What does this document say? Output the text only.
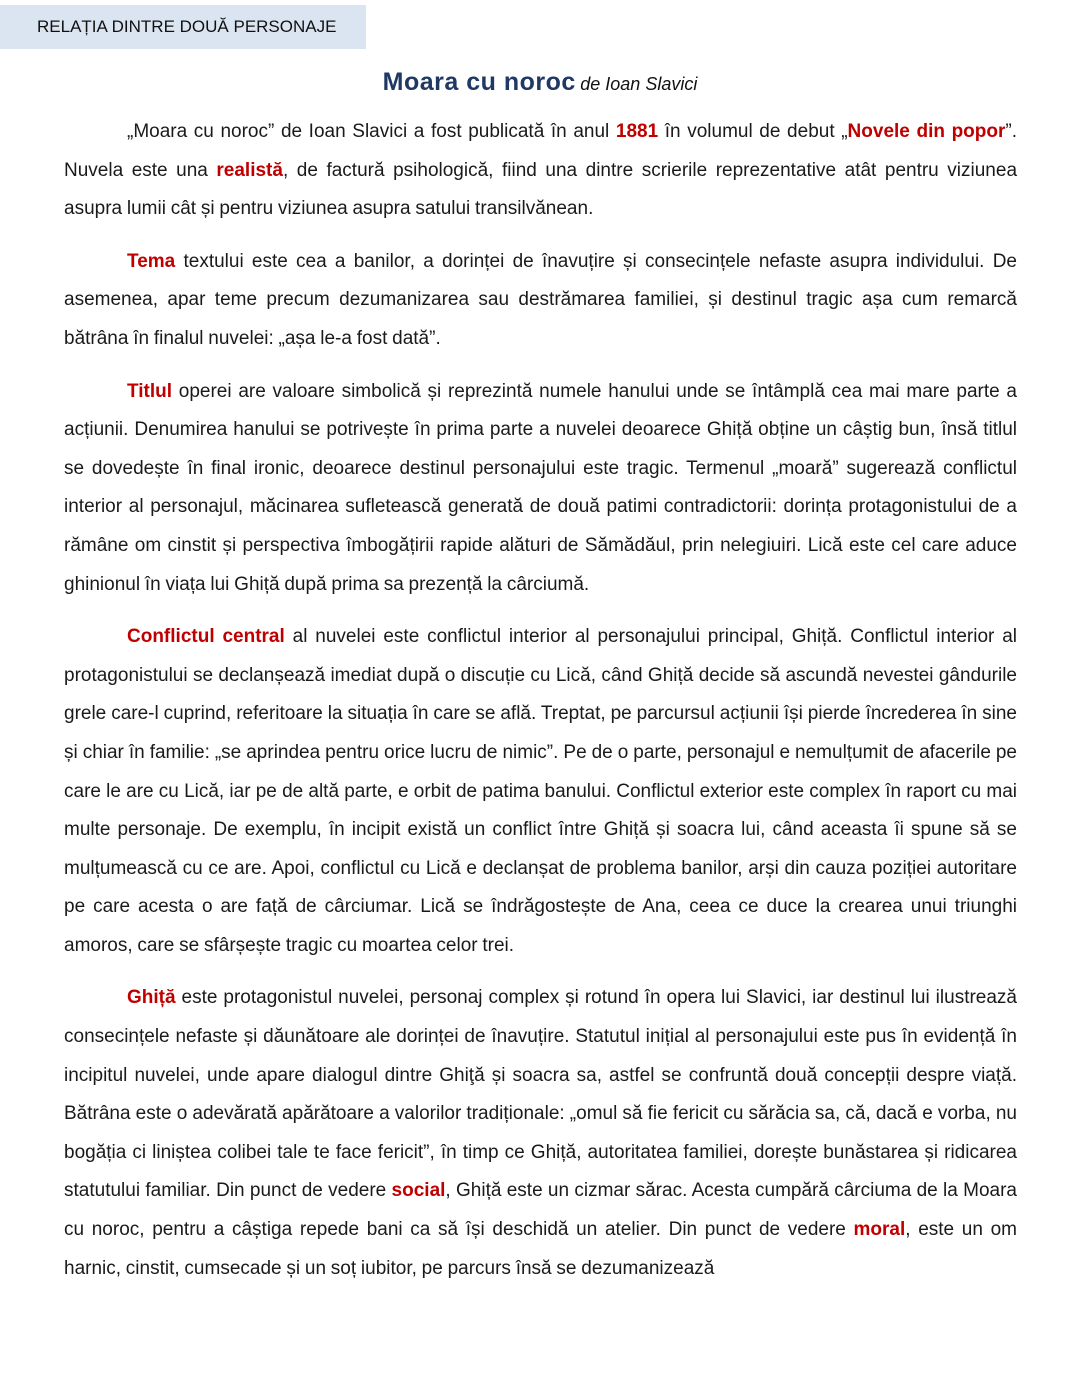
RELAȚIA DINTRE DOUĂ PERSONAJE
Moara cu noroc de Ioan Slavici

„Moara cu noroc” de Ioan Slavici a fost publicată în anul 1881 în volumul de debut „Novele din popor”. Nuvela este una realistă, de factură psihologică, fiind una dintre scrierile reprezentative atât pentru viziunea asupra lumii cât și pentru viziunea asupra satului transilvănean.

Tema textului este cea a banilor, a dorinței de înavuțire și consecințele nefaste asupra individului. De asemenea, apar teme precum dezumanizarea sau destrămarea familiei, și destinul tragic așa cum remarcă bătrâna în finalul nuvelei: „așa le-a fost dată”.

Titlul operei are valoare simbolică și reprezintă numele hanului unde se întâmplă cea mai mare parte a acțiunii. Denumirea hanului se potrivește în prima parte a nuvelei deoarece Ghiță obține un câștig bun, însă titlul se dovedește în final ironic, deoarece destinul personajului este tragic. Termenul „moară” sugerează conflictul interior al personajul, măcinarea sufletească generată de două patimi contradictorii: dorința protagonistului de a rămâne om cinstit și perspectiva îmbogățirii rapide alături de Sămădăul, prin nelegiuiri. Lică este cel care aduce ghinionul în viața lui Ghiță după prima sa prezență la cârciumă.

Conflictul central al nuvelei este conflictul interior al personajului principal, Ghiță. Conflictul interior al protagonistului se declanșează imediat după o discuție cu Lică, când Ghiță decide să ascundă nevestei gândurile grele care-l cuprind, referitoare la situația în care se află. Treptat, pe parcursul acțiunii își pierde încrederea în sine și chiar în familie: „se aprindea pentru orice lucru de nimic”. Pe de o parte, personajul e nemulțumit de afacerile pe care le are cu Lică, iar pe de altă parte, e orbit de patima banului. Conflictul exterior este complex în raport cu mai multe personaje. De exemplu, în incipit există un conflict între Ghiță și soacra lui, când aceasta îi spune să se mulțumească cu ce are. Apoi, conflictul cu Lică e declanșat de problema banilor, arși din cauza poziției autoritare pe care acesta o are față de cârciumar. Lică se îndrăgostește de Ana, ceea ce duce la crearea unui triunghi amoros, care se sfârșește tragic cu moartea celor trei.

Ghiță este protagonistul nuvelei, personaj complex și rotund în opera lui Slavici, iar destinul lui ilustrează consecințele nefaste și dăunătoare ale dorinței de înavuțire. Statutul inițial al personajului este pus în evidență în incipitul nuvelei, unde apare dialogul dintre Ghiţă și soacra sa, astfel se confruntă două concepții despre viață. Bătrâna este o adevărată apărătoare a valorilor tradiționale: „omul să fie fericit cu sărăcia sa, că, dacă e vorba, nu bogăția ci liniștea colibei tale te face fericit”, în timp ce Ghiță, autoritatea familiei, dorește bunăstarea și ridicarea statutului familiar. Din punct de vedere social, Ghiță este un cizmar sărac. Acesta cumpără cârciuma de la Moara cu noroc, pentru a câștiga repede bani ca să își deschidă un atelier. Din punct de vedere moral, este un om harnic, cinstit, cumsecade și un soț iubitor, pe parcurs însă se dezumanizează
